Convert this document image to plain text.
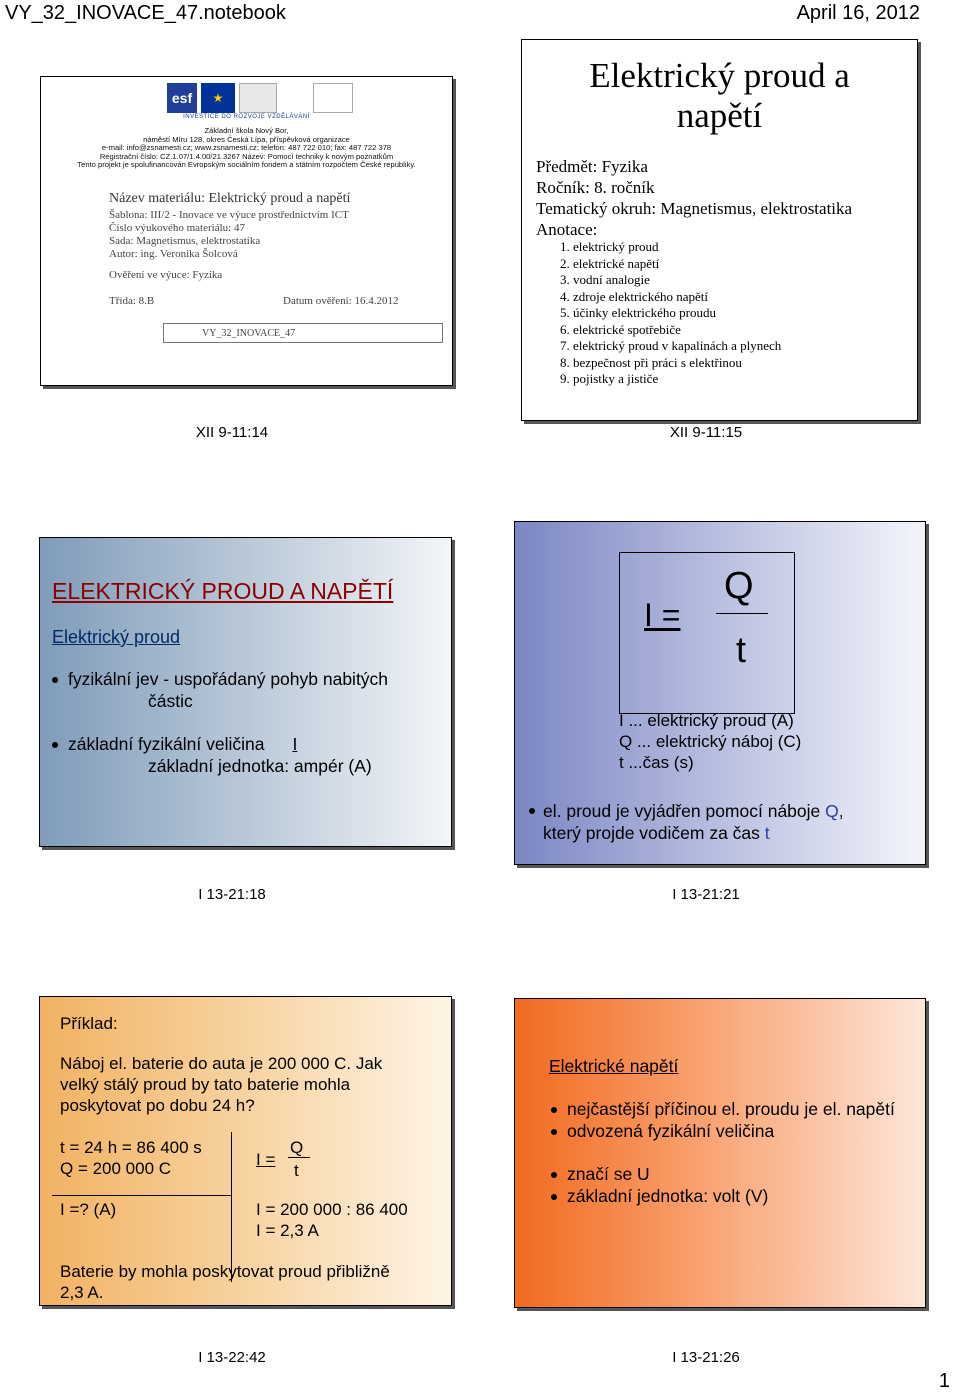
VY_32_INOVACE_47.notebook	April 16, 2012
esf	★
INVESTICE DO ROZVOJE VZDĚLÁVÁNÍ
Základní škola Nový Bor,
náměstí Míru 128, okres Česká Lípa, příspěvková organizace
e-mail: info@zsnamesti.cz; www.zsnamesti.cz; telefon: 487 722 010; fax: 487 722 378
Registrační číslo: CZ.1.07/1.4.00/21.3267 Název: Pomocí techniky k novým poznatkům
Tento projekt je spolufinancován Evropským sociálním fondem a státním rozpočtem České republiky.
Název materiálu: Elektrický proud a napětí
Šablona: III/2 - Inovace ve výuce prostřednictvím ICT
Číslo výukového materiálu: 47
Sada: Magnetismus, elektrostatika
Autor: ing. Veronika Šolcová
Ověření ve výuce: Fyzika
Třída: 8.B	Datum ověření: 16.4.2012
VY_32_INOVACE_47
XII 9-11:14
Elektrický proud a
napětí
Předmět: Fyzika
Ročník: 8. ročník
Tematický okruh: Magnetismus, elektrostatika
Anotace:
1. elektrický proud
2. elektrické napětí
3. vodní analogie
4. zdroje elektrického napětí
5. účinky elektrického proudu
6. elektrické spotřebiče
7. elektrický proud v kapalinách a plynech
8. bezpečnost při práci s elektřinou
9. pojistky a jističe
XII 9-11:15
ELEKTRICKÝ PROUD A NAPĚTÍ
Elektrický proud
fyzikální jev - uspořádaný pohyb nabitých
částic
základní fyzikální veličina I
základní jednotka: ampér (A)
I 13-21:18
I =
Q
t
I ... elektrický proud (A)
Q ... elektrický náboj (C)
t ...čas (s)
el. proud je vyjádřen pomocí náboje Q,
který projde vodičem za čas t
I 13-21:21
Příklad:
Náboj el. baterie do auta je 200 000 C. Jak
velký stálý proud by tato baterie mohla
poskytovat po dobu 24 h?
t = 24 h = 86 400 s
Q = 200 000 C
I =? (A)
I =
Q
t
I = 200 000 : 86 400
I = 2,3 A
Baterie by mohla poskytovat proud přibližně
2,3 A.
I 13-22:42
Elektrické napětí
nejčastější příčinou el. proudu je el. napětí
odvozená fyzikální veličina
značí se U
základní jednotka: volt (V)
I 13-21:26
1
